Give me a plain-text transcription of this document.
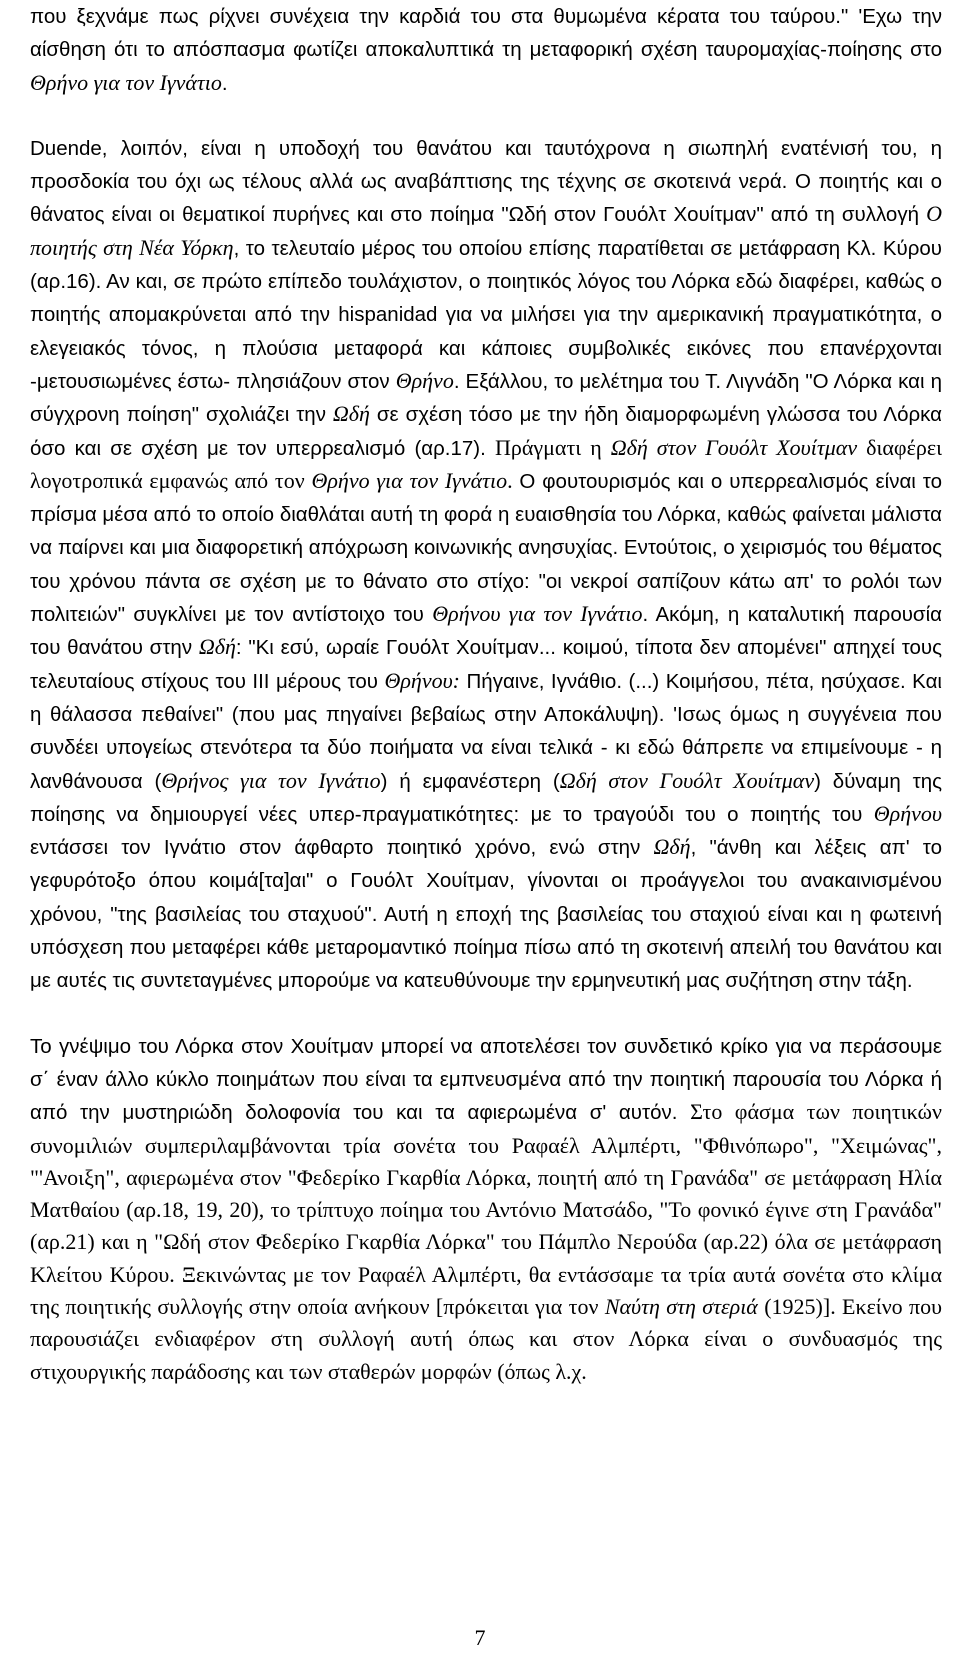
που ξεχνάμε πως ρίχνει συνέχεια την καρδιά του στα θυμωμένα κέρατα του ταύρου." 'Εχω την αίσθηση ότι το απόσπασμα φωτίζει αποκαλυπτικά τη μεταφορική σχέση ταυρομαχίας-ποίησης στο Θρήνο για τον Ιγνάτιο.

Duende, λοιπόν, είναι η υποδοχή του θανάτου και ταυτόχρονα η σιωπηλή ενατένισή του, η προσδοκία του όχι ως τέλους αλλά ως αναβάπτισης της τέχνης σε σκοτεινά νερά. Ο ποιητής και ο θάνατος είναι οι θεματικοί πυρήνες και στο ποίημα "Ωδή στον Γουόλτ Χουίτμαν" από τη συλλογή Ο ποιητής στη Νέα Υόρκη, το τελευταίο μέρος του οποίου επίσης παρατίθεται σε μετάφραση Κλ. Κύρου (αρ.16). Αν και, σε πρώτο επίπεδο τουλάχιστον, ο ποιητικός λόγος του Λόρκα εδώ διαφέρει, καθώς ο ποιητής απομακρύνεται από την hispanidad για να μιλήσει για την αμερικανική πραγματικότητα, ο ελεγειακός τόνος, η πλούσια μεταφορά και κάποιες συμβολικές εικόνες που επανέρχονται -μετουσιωμένες έστω- πλησιάζουν στον Θρήνο. Εξάλλου, το μελέτημα του Τ. Λιγνάδη "Ο Λόρκα και η σύγχρονη ποίηση" σχολιάζει την Ωδή σε σχέση τόσο με την ήδη διαμορφωμένη γλώσσα του Λόρκα όσο και σε σχέση με τον υπερρεαλισμό (αρ.17). Πράγματι η Ωδή στον Γουόλτ Χουίτμαν διαφέρει λογοτροπικά εμφανώς από τον Θρήνο για τον Ιγνάτιο. Ο φουτουρισμός και ο υπερρεαλισμός είναι το πρίσμα μέσα από το οποίο διαθλάται αυτή τη φορά η ευαισθησία του Λόρκα, καθώς φαίνεται μάλιστα να παίρνει και μια διαφορετική απόχρωση κοινωνικής ανησυχίας. Εντούτοις, ο χειρισμός του θέματος του χρόνου πάντα σε σχέση με το θάνατο στο στίχο: "οι νεκροί σαπίζουν κάτω απ' το ρολόι των πολιτειών" συγκλίνει με τον αντίστοιχο του Θρήνου για τον Ιγνάτιο. Ακόμη, η καταλυτική παρουσία του θανάτου στην Ωδή: "Κι εσύ, ωραίε Γουόλτ Χουίτμαν... κοιμού, τίποτα δεν απομένει" απηχεί τους τελευταίους στίχους του ΙΙΙ μέρους του Θρήνου: Πήγαινε, Ιγνάθιο. (...) Κοιμήσου, πέτα, ησύχασε. Και η θάλασσα πεθαίνει" (που μας πηγαίνει βεβαίως στην Αποκάλυψη). 'Ισως όμως η συγγένεια που συνδέει υπογείως στενότερα τα δύο ποιήματα να είναι τελικά - κι εδώ θάπρεπε να επιμείνουμε - η λανθάνουσα (Θρήνος για τον Ιγνάτιο) ή εμφανέστερη (Ωδή στον Γουόλτ Χουίτμαν) δύναμη της ποίησης να δημιουργεί νέες υπερ-πραγματικότητες: με το τραγούδι του ο ποιητής του Θρήνου εντάσσει τον Ιγνάτιο στον άφθαρτο ποιητικό χρόνο, ενώ στην Ωδή, "άνθη και λέξεις απ' το γεφυρότοξο όπου κοιμά[τα]αι" ο Γουόλτ Χουίτμαν, γίνονται οι προάγγελοι του ανακαινισμένου χρόνου, "της βασιλείας του σταχυού". Αυτή η εποχή της βασιλείας του σταχιού είναι και η φωτεινή υπόσχεση που μεταφέρει κάθε μεταρομαντικό ποίημα πίσω από τη σκοτεινή απειλή του θανάτου και με αυτές τις συντεταγμένες μπορούμε να κατευθύνουμε την ερμηνευτική μας συζήτηση στην τάξη.

Το γνέψιμο του Λόρκα στον Χουίτμαν μπορεί να αποτελέσει τον συνδετικό κρίκο για να περάσουμε σ΄ έναν άλλο κύκλο ποιημάτων που είναι τα εμπνευσμένα από την ποιητική παρουσία του Λόρκα ή από την μυστηριώδη δολοφονία του και τα αφιερωμένα σ' αυτόν. Στο φάσμα των ποιητικών συνομιλιών συμπεριλαμβάνονται τρία σονέτα του Ραφαέλ Αλμπέρτι, "Φθινόπωρο", "Χειμώνας", "'Ανοιξη", αφιερωμένα στον "Φεδερίκο Γκαρθία Λόρκα, ποιητή από τη Γρανάδα" σε μετάφραση Ηλία Ματθαίου (αρ.18, 19, 20), το τρίπτυχο ποίημα του Αντόνιο Ματσάδο, "Το φονικό έγινε στη Γρανάδα" (αρ.21) και η "Ωδή στον Φεδερίκο Γκαρθία Λόρκα" του Πάμπλο Νερούδα (αρ.22) όλα σε μετάφραση Κλείτου Κύρου. Ξεκινώντας με τον Ραφαέλ Αλμπέρτι, θα εντάσσαμε τα τρία αυτά σονέτα στο κλίμα της ποιητικής συλλογής στην οποία ανήκουν [πρόκειται για τον Ναύτη στη στεριά (1925)]. Εκείνο που παρουσιάζει ενδιαφέρον στη συλλογή αυτή όπως και στον Λόρκα είναι ο συνδυασμός της στιχουργικής παράδοσης και των σταθερών μορφών (όπως λ.χ.

7
